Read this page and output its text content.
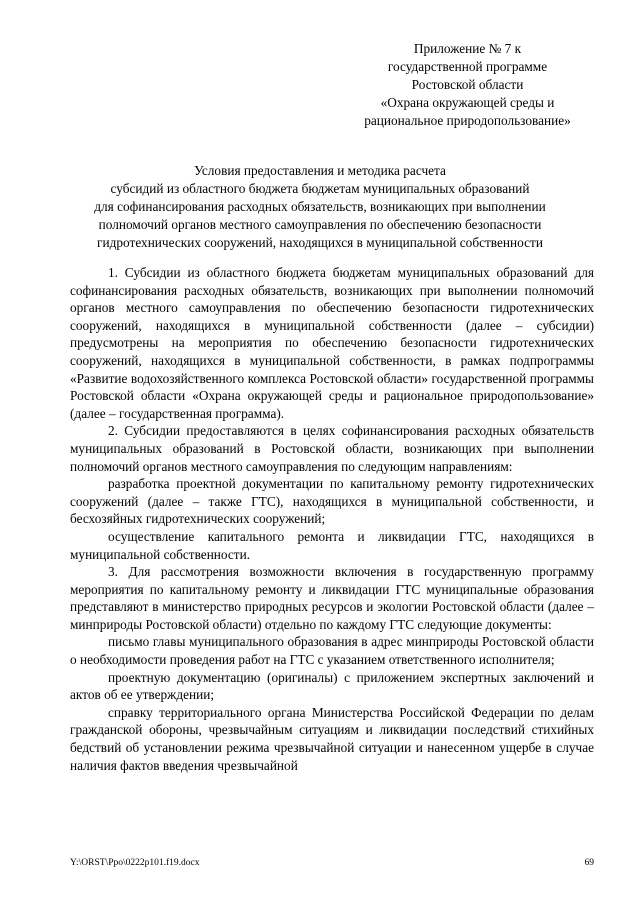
Приложение № 7 к
государственной программе
Ростовской области
«Охрана окружающей среды и
рациональное природопользование»
Условия предоставления и методика расчета
субсидий из областного бюджета бюджетам муниципальных образований
для софинансирования расходных обязательств, возникающих при выполнении
полномочий органов местного самоуправления по обеспечению безопасности
гидротехнических сооружений, находящихся в муниципальной собственности

1. Субсидии из областного бюджета бюджетам муниципальных образований для софинансирования расходных обязательств, возникающих при выполнении полномочий органов местного самоуправления по обеспечению безопасности гидротехнических сооружений, находящихся в муниципальной собственности (далее – субсидии) предусмотрены на мероприятия по обеспечению безопасности гидротехнических сооружений, находящихся в муниципальной собственности, в рамках подпрограммы «Развитие водохозяйственного комплекса Ростовской области» государственной программы Ростовской области «Охрана окружающей среды и рациональное природопользование» (далее – государственная программа).

2. Субсидии предоставляются в целях софинансирования расходных обязательств муниципальных образований в Ростовской области, возникающих при выполнении полномочий органов местного самоуправления по следующим направлениям:

разработка проектной документации по капитальному ремонту гидротехнических сооружений (далее – также ГТС), находящихся в муниципальной собственности, и бесхозяйных гидротехнических сооружений;

осуществление капитального ремонта и ликвидации ГТС, находящихся в муниципальной собственности.

3. Для рассмотрения возможности включения в государственную программу мероприятия по капитальному ремонту и ликвидации ГТС муниципальные образования представляют в министерство природных ресурсов и экологии Ростовской области (далее – минприроды Ростовской области) отдельно по каждому ГТС следующие документы:

письмо главы муниципального образования в адрес минприроды Ростовской области о необходимости проведения работ на ГТС с указанием ответственного исполнителя;

проектную документацию (оригиналы) с приложением экспертных заключений и актов об ее утверждении;

справку территориального органа Министерства Российской Федерации по делам гражданской обороны, чрезвычайным ситуациям и ликвидации последствий стихийных бедствий об установлении режима чрезвычайной ситуации и нанесенном ущербе в случае наличия фактов введения чрезвычайной

Y:\ORST\Ppo\0222p101.f19.docx	69
